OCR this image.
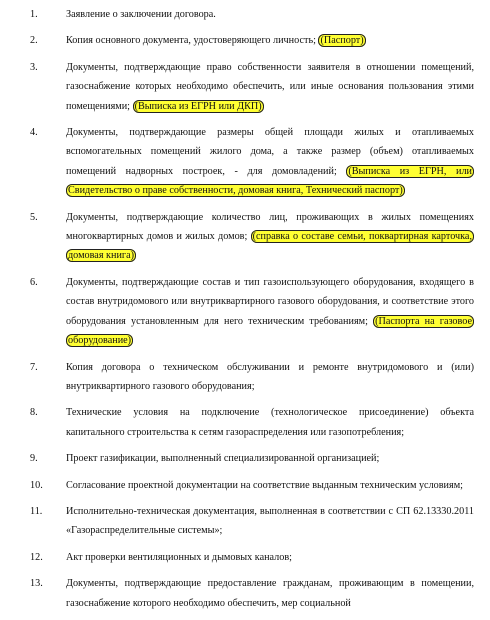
1.	Заявление о заключении договора.
2.	Копия основного документа, удостоверяющего личность; (Паспорт)
3.	Документы, подтверждающие право собственности заявителя в отношении помещений, газоснабжение которых необходимо обеспечить, или иные основания пользования этими помещениями; (Выписка из ЕГРН или ДКП)
4.	Документы, подтверждающие размеры общей площади жилых и отапливаемых вспомогательных помещений жилого дома, а также размер (объем) отапливаемых помещений надворных построек, - для домовладений; (Выписка из ЕГРН, или Свидетельство о праве собственности, домовая книга, Технический паспорт)
5.	Документы, подтверждающие количество лиц, проживающих в жилых помещениях многоквартирных домов и жилых домов; (справка о составе семьи, поквартирная карточка, домовая книга)
6.	Документы, подтверждающие состав и тип газоиспользующего оборудования, входящего в состав внутридомового или внутриквартирного газового оборудования, и соответствие этого оборудования установленным для него техническим требованиям; (Паспорта на газовое оборудование)
7.	Копия договора о техническом обслуживании и ремонте внутридомового и (или) внутриквартирного газового оборудования;
8.	Технические условия на подключение (технологическое присоединение) объекта капитального строительства к сетям газораспределения или газопотребления;
9.	Проект газификации, выполненный специализированной организацией;
10.	Согласование проектной документации на соответствие выданным техническим условиям;
11.	Исполнительно-техническая документация, выполненная в соответствии с СП 62.13330.2011 «Газораспределительные системы»;
12.	Акт проверки вентиляционных и дымовых каналов;
13.	Документы, подтверждающие предоставление гражданам, проживающим в помещении, газоснабжение которого необходимо обеспечить, мер социальной
